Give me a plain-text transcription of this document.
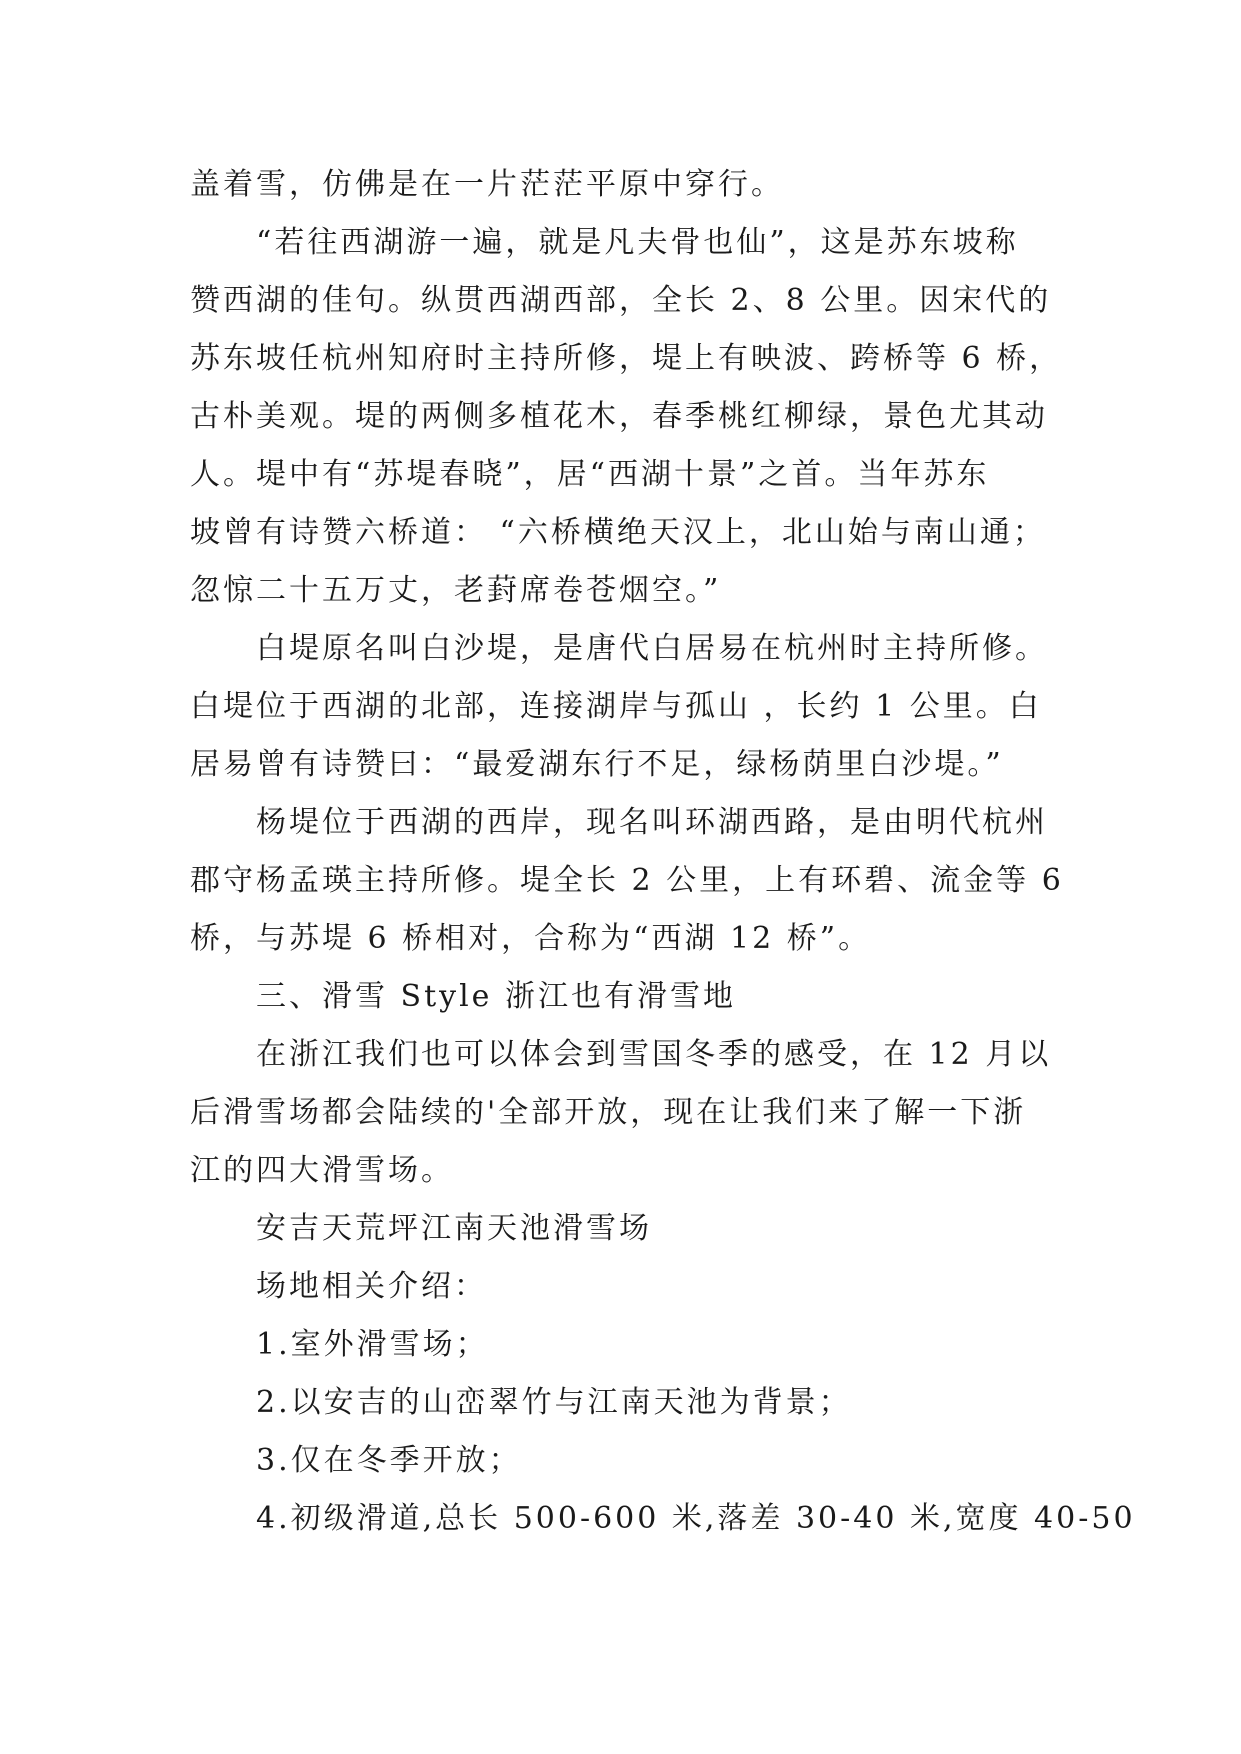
盖着雪，仿佛是在一片茫茫平原中穿行。
“若往西湖游一遍，就是凡夫骨也仙”，这是苏东坡称
赞西湖的佳句。纵贯西湖西部，全长 2、8 公里。因宋代的
苏东坡任杭州知府时主持所修，堤上有映波、跨桥等 6 桥，
古朴美观。堤的两侧多植花木，春季桃红柳绿，景色尤其动
人。堤中有“苏堤春晓”，居“西湖十景”之首。当年苏东
坡曾有诗赞六桥道： “六桥横绝天汉上，北山始与南山通；
忽惊二十五万丈，老葑席卷苍烟空。”
白堤原名叫白沙堤，是唐代白居易在杭州时主持所修。
白堤位于西湖的北部，连接湖岸与孤山 ，长约 1 公里。白
居易曾有诗赞曰：“最爱湖东行不足，绿杨荫里白沙堤。”
杨堤位于西湖的西岸，现名叫环湖西路，是由明代杭州
郡守杨孟瑛主持所修。堤全长 2 公里，上有环碧、流金等 6
桥，与苏堤 6 桥相对，合称为“西湖 12 桥”。
三、滑雪 Style 浙江也有滑雪地
在浙江我们也可以体会到雪国冬季的感受，在 12 月以
后滑雪场都会陆续的'全部开放，现在让我们来了解一下浙
江的四大滑雪场。
安吉天荒坪江南天池滑雪场
场地相关介绍：
1.室外滑雪场；
2.以安吉的山峦翠竹与江南天池为背景；
3.仅在冬季开放；
4.初级滑道,总长 500-600 米,落差 30-40 米,宽度 40-50
